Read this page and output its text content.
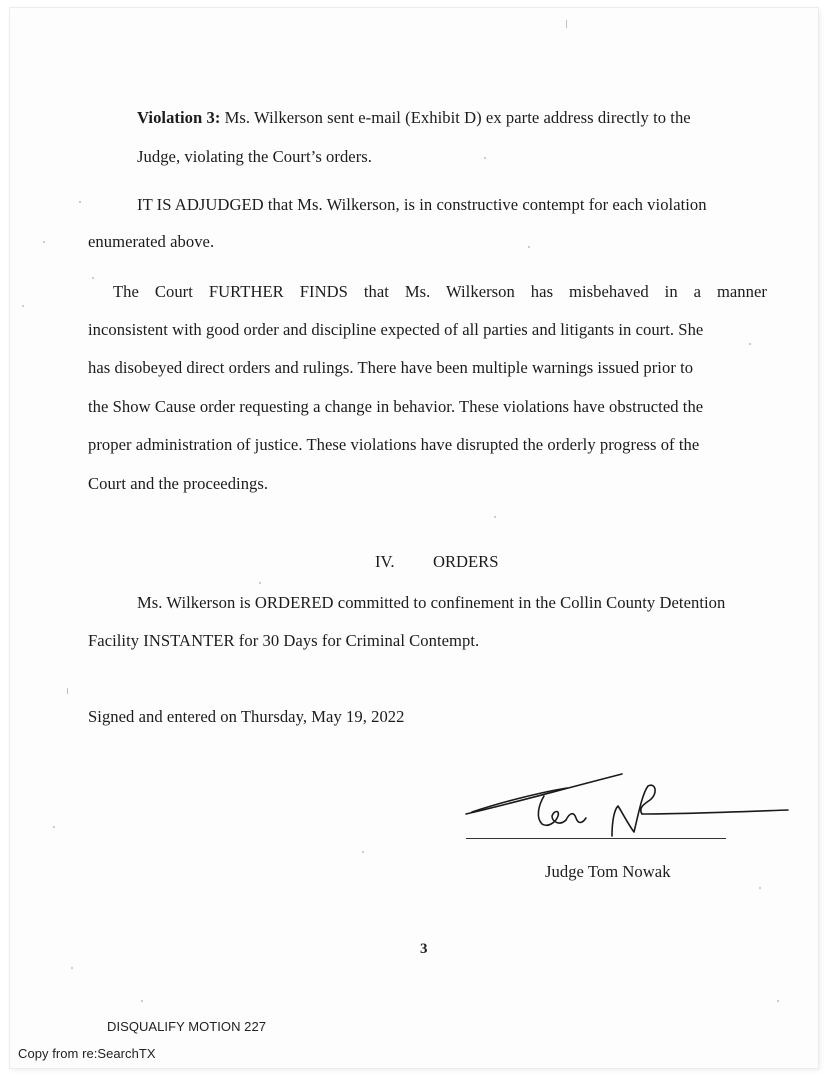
Violation 3: Ms. Wilkerson sent e-mail (Exhibit D) ex parte address directly to the
Judge, violating the Court’s orders.
IT IS ADJUDGED that Ms. Wilkerson, is in constructive contempt for each violation
enumerated above.
The Court FURTHER FINDS that Ms. Wilkerson has misbehaved in a manner
inconsistent with good order and discipline expected of all parties and litigants in court. She
has disobeyed direct orders and rulings. There have been multiple warnings issued prior to
the Show Cause order requesting a change in behavior. These violations have obstructed the
proper administration of justice. These violations have disrupted the orderly progress of the
Court and the proceedings.
IV. ORDERS
Ms. Wilkerson is ORDERED committed to confinement in the Collin County Detention
Facility INSTANTER for 30 Days for Criminal Contempt.
Signed and entered on Thursday, May 19, 2022
Judge Tom Nowak
3
DISQUALIFY MOTION 227
Copy from re:SearchTX
